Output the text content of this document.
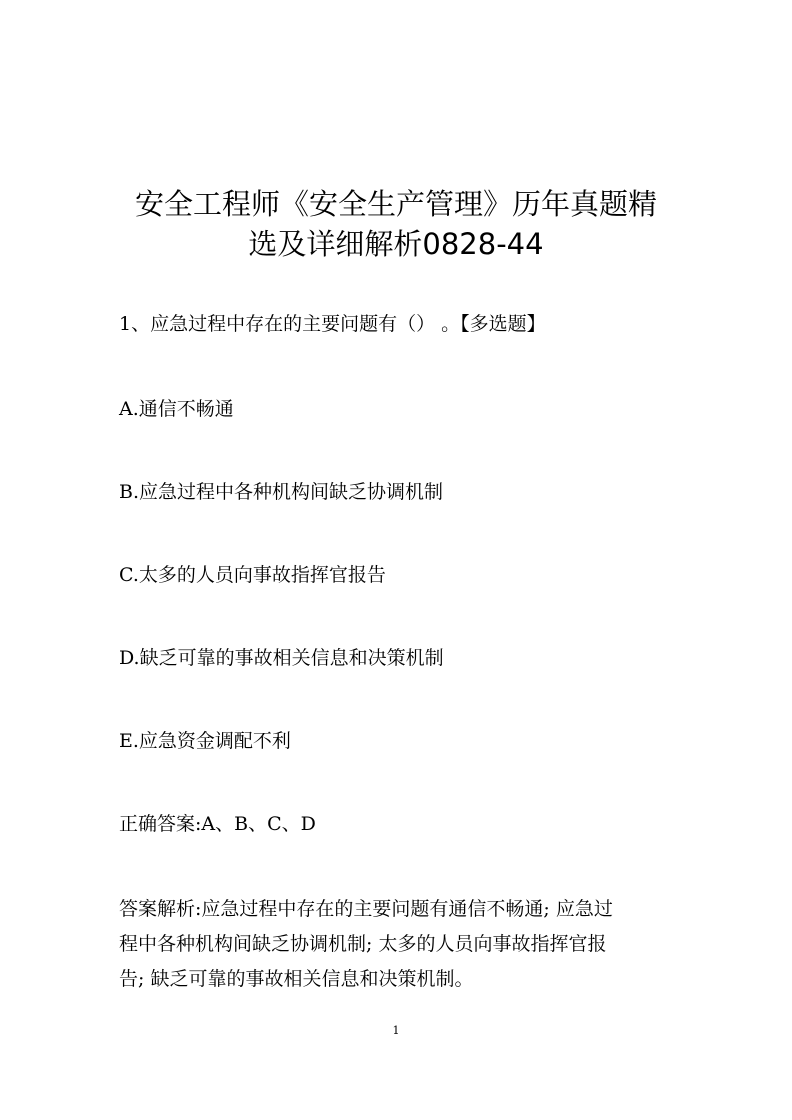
安全工程师《安全生产管理》历年真题精
选及详细解析0828-44
1、应急过程中存在的主要问题有（） 。【多选题】
A.通信不畅通
B.应急过程中各种机构间缺乏协调机制
C.太多的人员向事故指挥官报告
D.缺乏可靠的事故相关信息和决策机制
E.应急资金调配不利
正确答案:A、B、C、D
答案解析:应急过程中存在的主要问题有通信不畅通; 应急过
程中各种机构间缺乏协调机制; 太多的人员向事故指挥官报
告; 缺乏可靠的事故相关信息和决策机制。
1
